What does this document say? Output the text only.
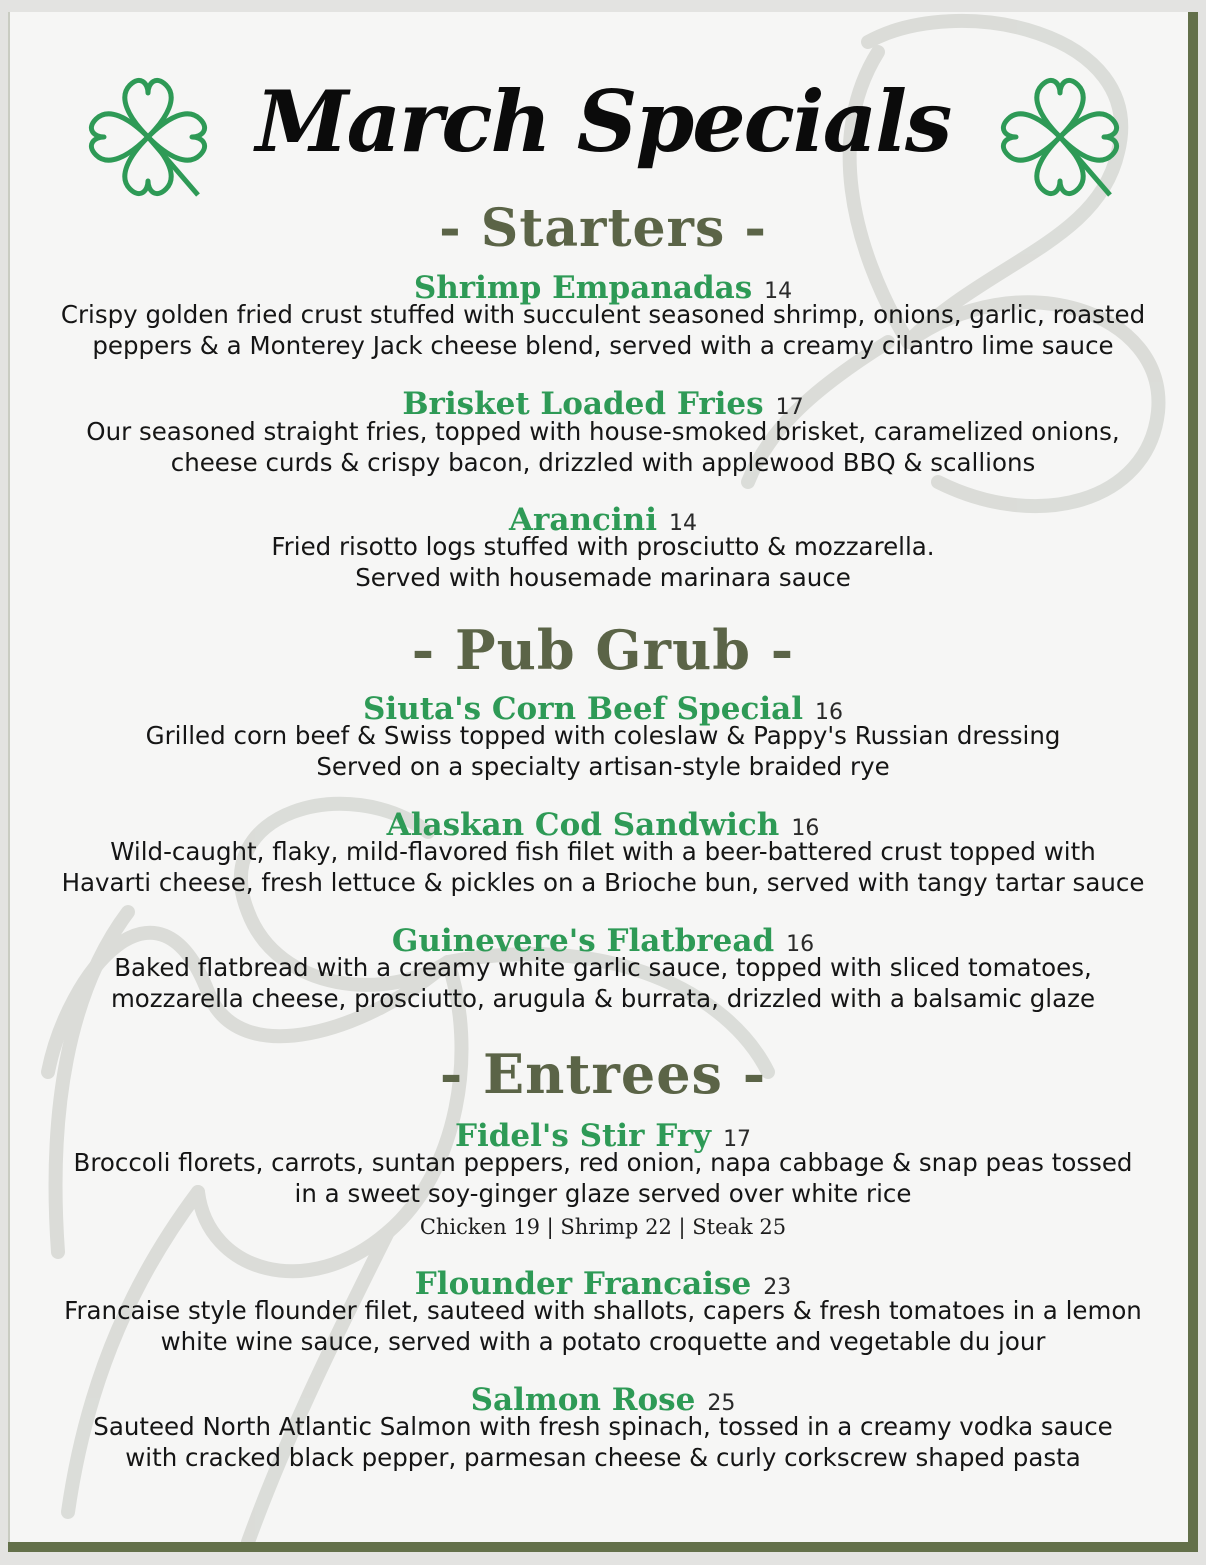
March Specials
- Starters -
Shrimp Empanadas 14
Crispy golden fried crust stuffed with succulent seasoned shrimp, onions, garlic, roasted
peppers & a Monterey Jack cheese blend, served with a creamy cilantro lime sauce
Brisket Loaded Fries 17
Our seasoned straight fries, topped with house-smoked brisket, caramelized onions,
cheese curds & crispy bacon, drizzled with applewood BBQ & scallions
Arancini 14
Fried risotto logs stuffed with prosciutto & mozzarella.
Served with housemade marinara sauce
- Pub Grub -
Siuta's Corn Beef Special 16
Grilled corn beef & Swiss topped with coleslaw & Pappy's Russian dressing
Served on a specialty artisan-style braided rye
Alaskan Cod Sandwich 16
Wild-caught, flaky, mild-flavored fish filet with a beer-battered crust topped with
Havarti cheese, fresh lettuce & pickles on a Brioche bun, served with tangy tartar sauce
Guinevere's Flatbread 16
Baked flatbread with a creamy white garlic sauce, topped with sliced tomatoes,
mozzarella cheese, prosciutto, arugula & burrata, drizzled with a balsamic glaze
- Entrees -
Fidel's Stir Fry 17
Broccoli florets, carrots, suntan peppers, red onion, napa cabbage & snap peas tossed
in a sweet soy-ginger glaze served over white rice
Chicken 19 | Shrimp 22 | Steak 25
Flounder Francaise 23
Francaise style flounder filet, sauteed with shallots, capers & fresh tomatoes in a lemon
white wine sauce, served with a potato croquette and vegetable du jour
Salmon Rose 25
Sauteed North Atlantic Salmon with fresh spinach, tossed in a creamy vodka sauce
with cracked black pepper, parmesan cheese & curly corkscrew shaped pasta
